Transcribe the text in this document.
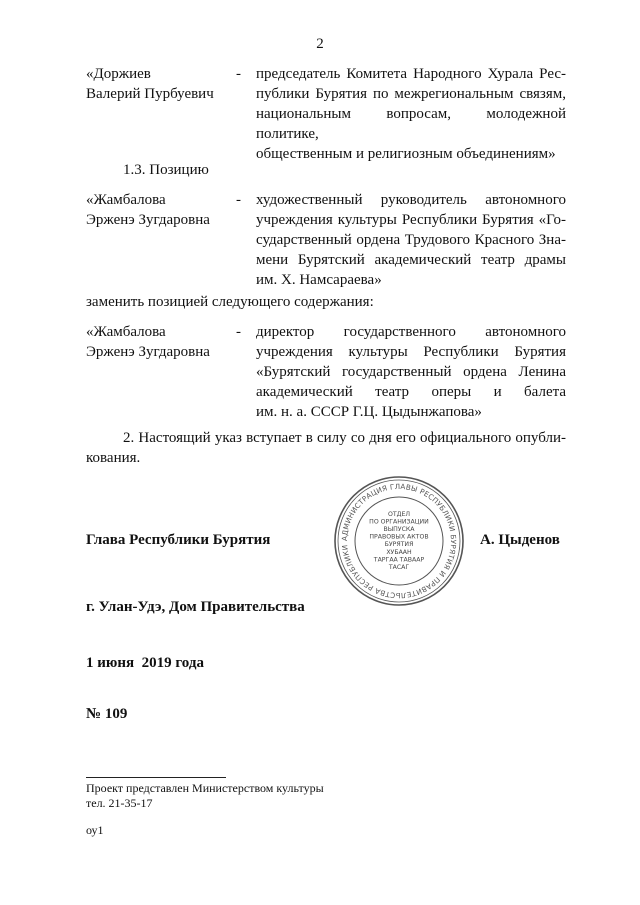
2
«Доржиев
Валерий Пурбуевич
-	председатель Комитета Народного Хурала Рес-
публики Бурятия по межрегиональным связям,
национальным вопросам, молодежной политике,
общественным и религиозным объединениям»
1.3. Позицию
«Жамбалова
Эрженэ Зугдаровна
-	художественный руководитель автономного
учреждения культуры Республики Бурятия «Го-
сударственный ордена Трудового Красного Зна-
мени Бурятский академический театр драмы
им. Х. Намсараева»
заменить позицией следующего содержания:
«Жамбалова
Эрженэ Зугдаровна
-	директор государственного автономного
учреждения культуры Республики Бурятия
«Бурятский государственный ордена Ленина
академический театр оперы и балета
им. н. а. СССР Г.Ц. Цыдынжапова»
2. Настоящий указ вступает в силу со дня его официального опубли-
кования.
АДМИНИСТРАЦИЯ ГЛАВЫ РЕСПУБЛИКИ БУРЯТИЯ И ПРАВИТЕЛЬСТВА РЕСПУБЛИКИ
ОТДЕЛ
ПО ОРГАНИЗАЦИИ
ВЫПУСКА
ПРАВОВЫХ АКТОВ
БУРЯТИЯ
ХУБААН
ТАРГАА ТАВААР
ТАСАГ
Глава Республики Бурятия	А. Цыденов
г. Улан-Удэ, Дом Правительства
1 июня  2019 года
№ 109
Проект представлен Министерством культуры
тел. 21-35-17
оу1
